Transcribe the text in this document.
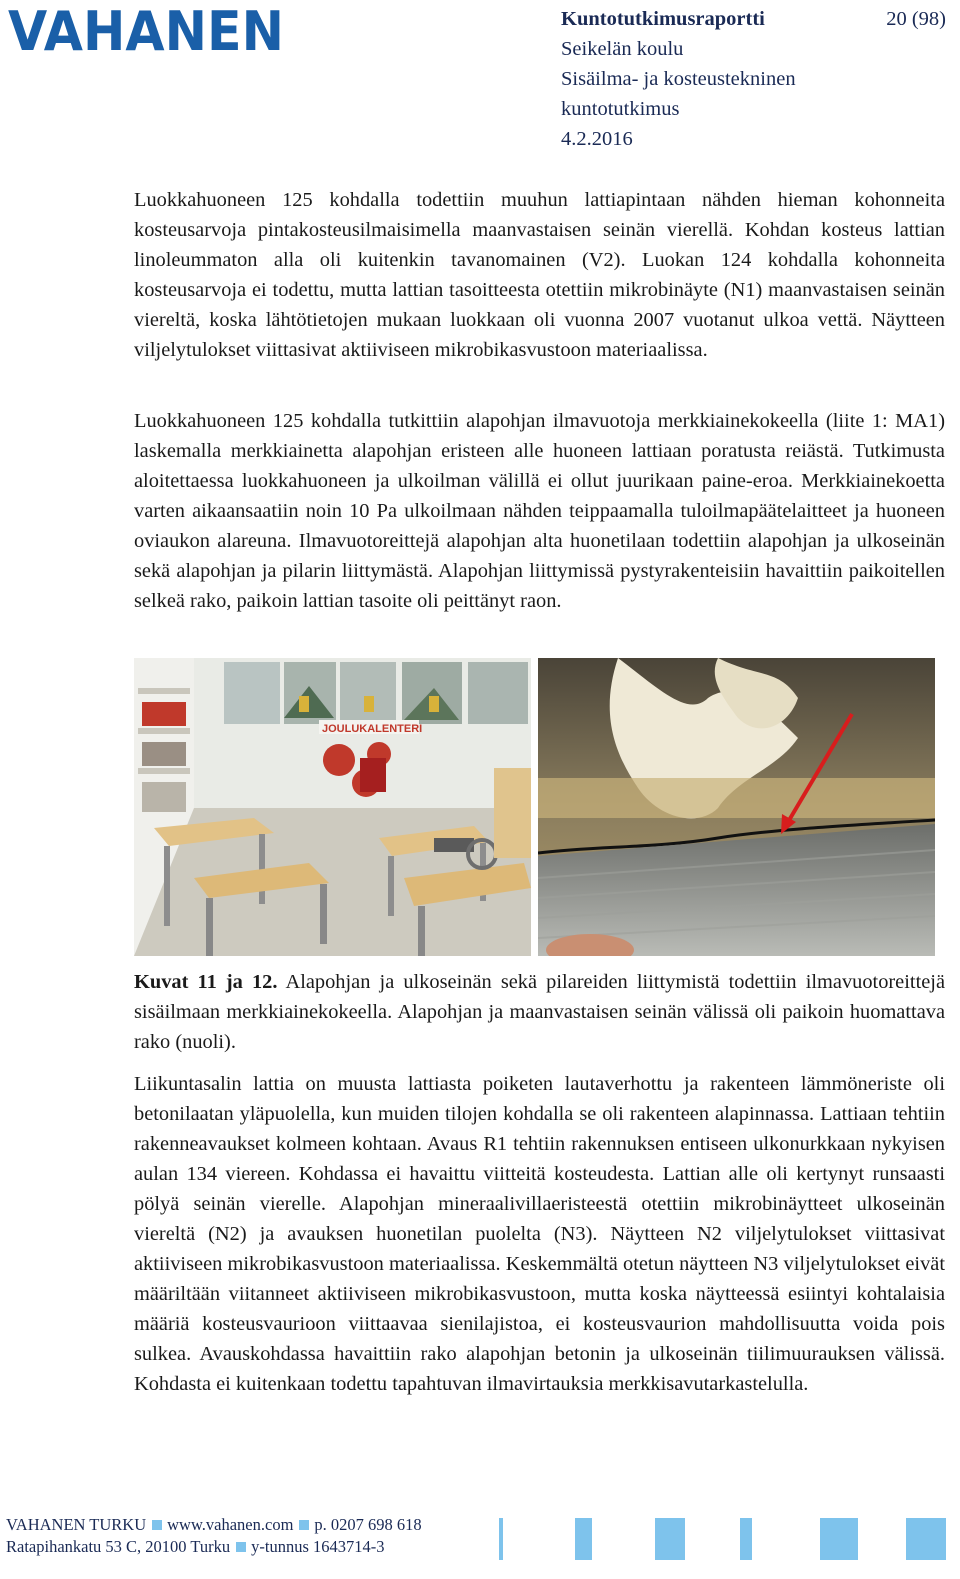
VAHANEN	Kuntotutkimusraportti
Seikelän koulu
Sisäilma- ja kosteustekninen
kuntotutkimus
4.2.2016
20 (98)

Luokkahuoneen 125 kohdalla todettiin muuhun lattiapintaan nähden hieman kohonneita kosteusarvoja pintakosteusilmaisimella maanvastaisen seinän vierellä. Kohdan kosteus lattian linoleummaton alla oli kuitenkin tavanomainen (V2). Luokan 124 kohdalla kohonneita kosteusarvoja ei todettu, mutta lattian tasoitteesta otettiin mikrobinäyte (N1) maanvastaisen seinän viereltä, koska lähtötietojen mukaan luokkaan oli vuonna 2007 vuotanut ulkoa vettä. Näytteen viljelytulokset viittasivat aktiiviseen mikrobikasvustoon materiaalissa.

Luokkahuoneen 125 kohdalla tutkittiin alapohjan ilmavuotoja merkkiainekokeella (liite 1: MA1) laskemalla merkkiainetta alapohjan eristeen alle huoneen lattiaan poratusta reiästä. Tutkimusta aloitettaessa luokkahuoneen ja ulkoilman välillä ei ollut juurikaan paine-eroa. Merkkiainekoetta varten aikaansaatiin noin 10 Pa ulkoilmaan nähden teippaamalla tuloilmapäätelaitteet ja huoneen oviaukon alareuna. Ilmavuotoreittejä alapohjan alta huonetilaan todettiin alapohjan ja ulkoseinän sekä alapohjan ja pilarin liittymästä. Alapohjan liittymissä pystyrakenteisiin havaittiin paikoitellen selkeä rako, paikoin lattian tasoite oli peittänyt raon.

JOULUKALENTERI

Kuvat 11 ja 12. Alapohjan ja ulkoseinän sekä pilareiden liittymistä todettiin ilmavuotoreittejä sisäilmaan merkkiainekokeella. Alapohjan ja maanvastaisen seinän välissä oli paikoin huomattava rako (nuoli).

Liikuntasalin lattia on muusta lattiasta poiketen lautaverhottu ja rakenteen lämmöneriste oli betonilaatan yläpuolella, kun muiden tilojen kohdalla se oli rakenteen alapinnassa. Lattiaan tehtiin rakenneavaukset kolmeen kohtaan. Avaus R1 tehtiin rakennuksen entiseen ulkonurkkaan nykyisen aulan 134 viereen. Kohdassa ei havaittu viitteitä kosteudesta. Lattian alle oli kertynyt runsaasti pölyä seinän vierelle. Alapohjan mineraalivillaeristeestä otettiin mikrobinäytteet ulkoseinän viereltä (N2) ja avauksen huonetilan puolelta (N3). Näytteen N2 viljelytulokset viittasivat aktiiviseen mikrobikasvustoon materiaalissa. Keskemmältä otetun näytteen N3 viljelytulokset eivät määriltään viitanneet aktiiviseen mikrobikasvustoon, mutta koska näytteessä esiintyi kohtalaisia määriä kosteusvaurioon viittaavaa sienilajistoa, ei kosteusvaurion mahdollisuutta voida pois sulkea. Avauskohdassa havaittiin rako alapohjan betonin ja ulkoseinän tiilimuurauksen välissä. Kohdasta ei kuitenkaan todettu tapahtuvan ilmavirtauksia merkkisavutarkastelulla.

VAHANEN TURKU www.vahanen.com p. 0207 698 618
Ratapihankatu 53 C, 20100 Turku y-tunnus 1643714-3
